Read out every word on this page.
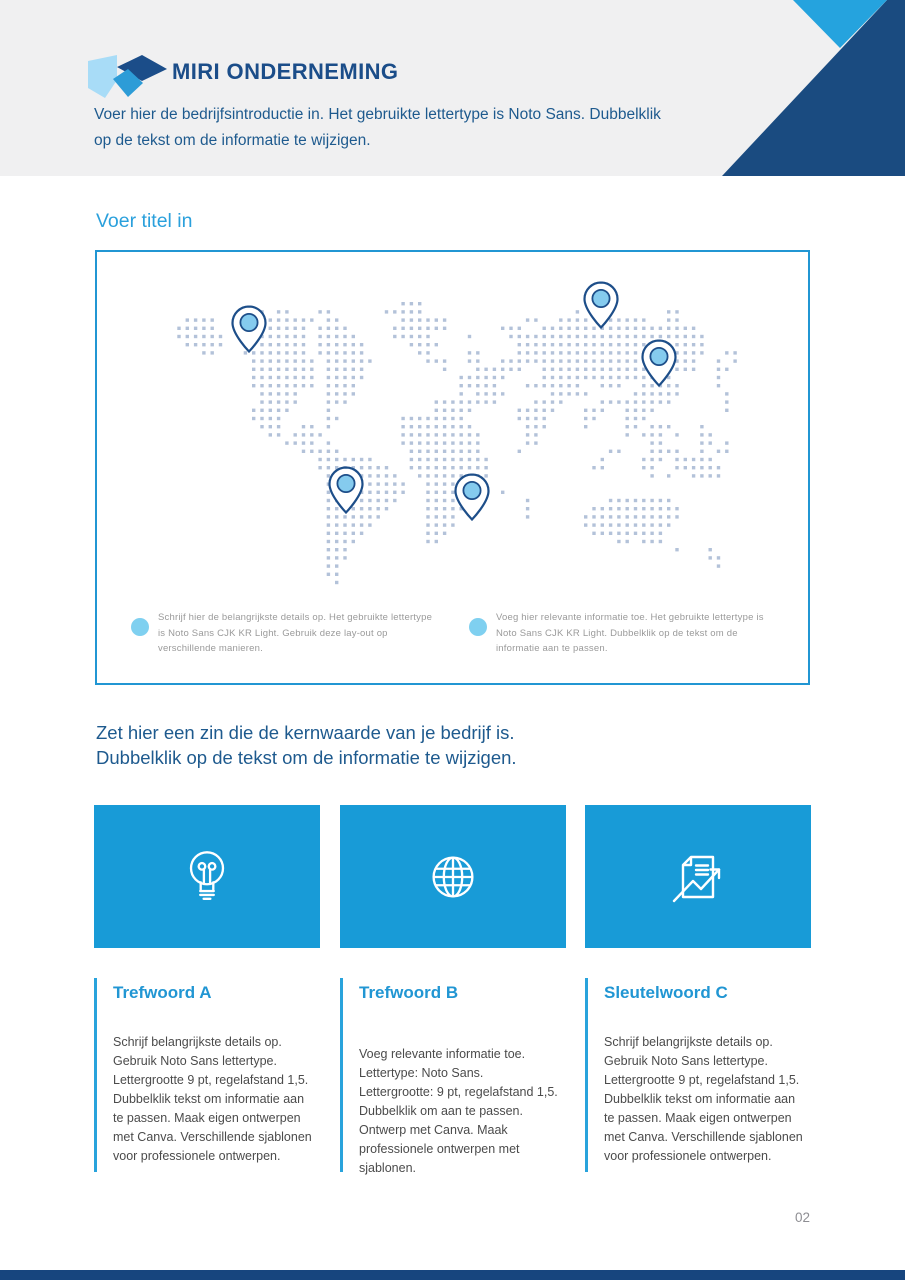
MIRI ONDERNEMING
Voer hier de bedrijfsintroductie in. Het gebruikte lettertype is Noto Sans. Dubbelklik
op de tekst om de informatie te wijzigen.
Voer titel in
Schrijf hier de belangrijkste details op. Het gebruikte lettertype is Noto Sans CJK KR Light. Gebruik deze lay-out op verschillende manieren.
Voeg hier relevante informatie toe. Het gebruikte lettertype is Noto Sans CJK KR Light. Dubbelklik op de tekst om de informatie aan te passen.
Zet hier een zin die de kernwaarde van je bedrijf is.
Dubbelklik op de tekst om de informatie te wijzigen.
Trefwoord A
Schrijf belangrijkste details op. Gebruik Noto Sans lettertype. Lettergrootte 9 pt, regelafstand 1,5. Dubbelklik tekst om informatie aan te passen. Maak eigen ontwerpen met Canva. Verschillende sjablonen voor professionele ontwerpen.
Trefwoord B
Voeg relevante informatie toe. Lettertype: Noto Sans. Lettergrootte: 9 pt, regelafstand 1,5. Dubbelklik om aan te passen. Ontwerp met Canva. Maak professionele ontwerpen met sjablonen.
Sleutelwoord C
Schrijf belangrijkste details op. Gebruik Noto Sans lettertype. Lettergrootte 9 pt, regelafstand 1,5. Dubbelklik tekst om informatie aan te passen. Maak eigen ontwerpen met Canva. Verschillende sjablonen voor professionele ontwerpen.
02
